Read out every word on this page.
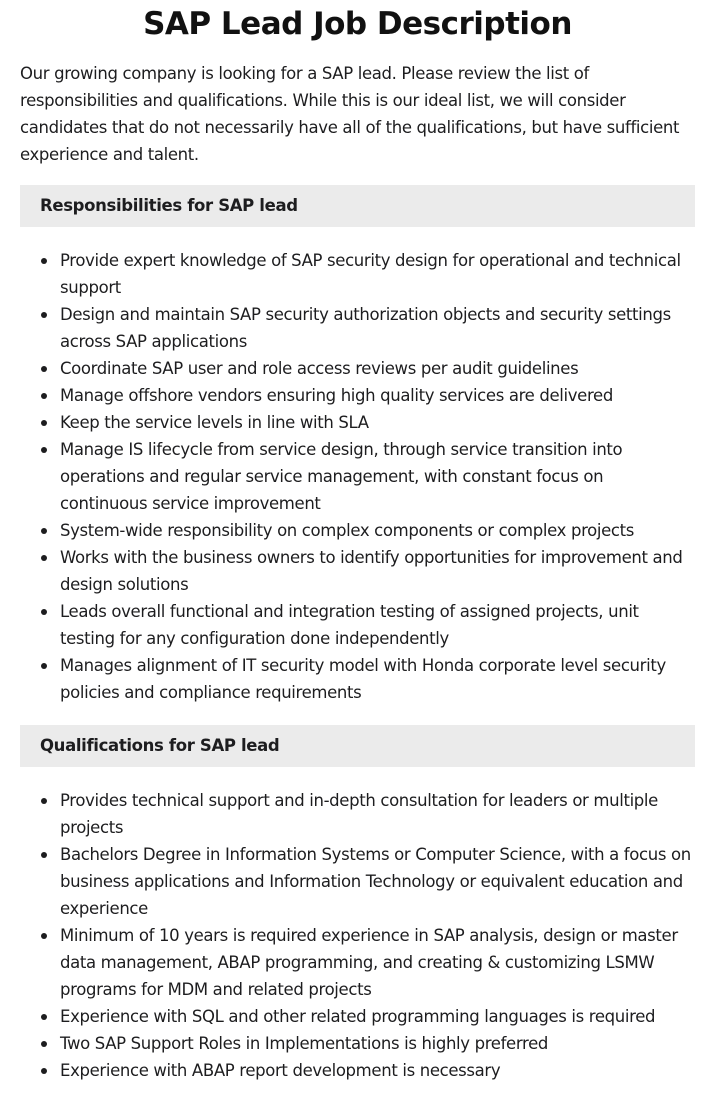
SAP Lead Job Description

Our growing company is looking for a SAP lead. Please review the list of responsibilities and qualifications. While this is our ideal list, we will consider candidates that do not necessarily have all of the qualifications, but have sufficient experience and talent.

Responsibilities for SAP lead
Provide expert knowledge of SAP security design for operational and technical support
Design and maintain SAP security authorization objects and security settings across SAP applications
Coordinate SAP user and role access reviews per audit guidelines
Manage offshore vendors ensuring high quality services are delivered
Keep the service levels in line with SLA
Manage IS lifecycle from service design, through service transition into operations and regular service management, with constant focus on continuous service improvement
System-wide responsibility on complex components or complex projects
Works with the business owners to identify opportunities for improvement and design solutions
Leads overall functional and integration testing of assigned projects, unit testing for any configuration done independently
Manages alignment of IT security model with Honda corporate level security policies and compliance requirements
Qualifications for SAP lead
Provides technical support and in-depth consultation for leaders or multiple projects
Bachelors Degree in Information Systems or Computer Science, with a focus on business applications and Information Technology or equivalent education and experience
Minimum of 10 years is required experience in SAP analysis, design or master data management, ABAP programming, and creating & customizing LSMW programs for MDM and related projects
Experience with SQL and other related programming languages is required
Two SAP Support Roles in Implementations is highly preferred
Experience with ABAP report development is necessary
